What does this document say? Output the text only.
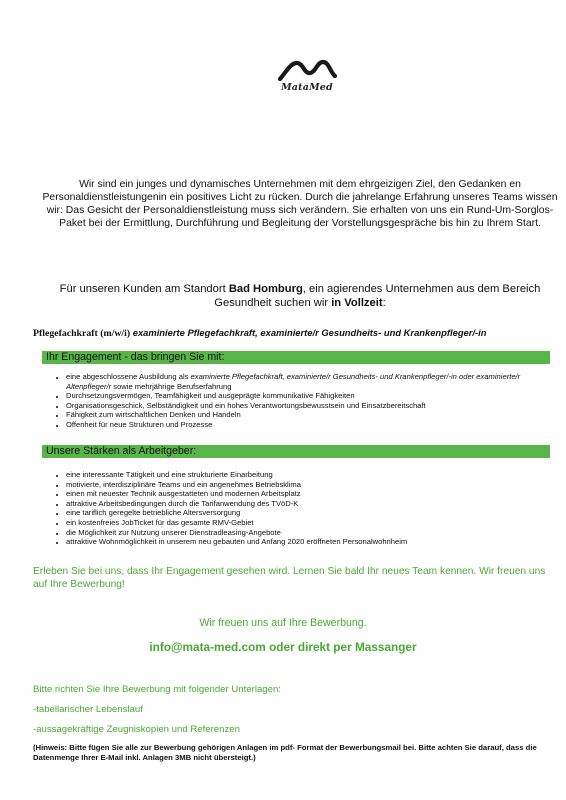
MataMed
Wir sind ein junges und dynamisches Unternehmen mit dem ehrgeizigen Ziel, den Gedanken en Personaldienstleistungenin ein positives Licht zu rücken. Durch die jahrelange Erfahrung unseres Teams wissen wir: Das Gesicht der Personaldienstleistung muss sich verändern. Sie erhalten von uns ein Rund-Um-Sorglos-Paket bei der Ermittlung, Durchführung und Begleitung der Vorstellungsgespräche bis hin zu Ihrem Start.
Für unseren Kunden am Standort Bad Homburg, ein agierendes Unternehmen aus dem Bereich Gesundheit suchen wir in Vollzeit:
Pflegefachkraft (m/w/i) examinierte Pflegefachkraft, examinierte/r Gesundheits- und Krankenpfleger/-in
Ihr Engagement - das bringen Sie mit:
• eine abgeschlossene Ausbildung als examinierte Pflegefachkraft, examinierte/r Gesundheits- und Krankenpfleger/-in oder examinierte/r Altenpfleger/r sowie mehrjährige Berufserfahrung
• Durchsetzungsvermögen, Teamfähigkeit und ausgeprägte kommunikative Fähigkeiten
• Organisationsgeschick, Selbständigkeit und ein hohes Verantwortungsbewusstsein und Einsatzbereitschaft
• Fähigkeit zum wirtschaftlichen Denken und Handeln
• Offenheit für neue Strukturen und Prozesse
Unsere Stärken als Arbeitgeber:
• eine interessante Tätigkeit und eine strukturierte Einarbeitung
• motivierte, interdisziplinäre Teams und ein angenehmes Betriebsklima
• einen mit neuester Technik ausgestatteten und modernen Arbeitsplatz
• attraktive Arbeitsbedingungen durch die Tarifanwendung des TVöD-K
• eine tariflich geregelte betriebliche Altersversorgung
• ein kostenfreies JobTicket für das gesamte RMV-Gebiet
• die Möglichkeit zur Nutzung unserer Dienstradleasing-Angebote
• attraktive Wohnmöglichkeit in unserem neu gebauten und Anfang 2020 eröffneten Personalwohnheim
Erleben Sie bei uns, dass Ihr Engagement gesehen wird. Lernen Sie bald Ihr neues Team kennen. Wir freuen uns auf Ihre Bewerbung!
Wir freuen uns auf Ihre Bewerbung.
info@mata-med.com oder direkt per Massanger
Bitte richten Sie Ihre Bewerbung mit folgender Unterlagen:
-tabellarischer Lebenslauf
-aussagekräftige Zeugniskopien und Referenzen
(Hinweis: Bitte fügen Sie alle zur Bewerbung gehörigen Anlagen im pdf- Format der Bewerbungsmail bei. Bitte achten Sie darauf, dass die Datenmenge Ihrer E-Mail inkl. Anlagen 3MB nicht übersteigt.)
